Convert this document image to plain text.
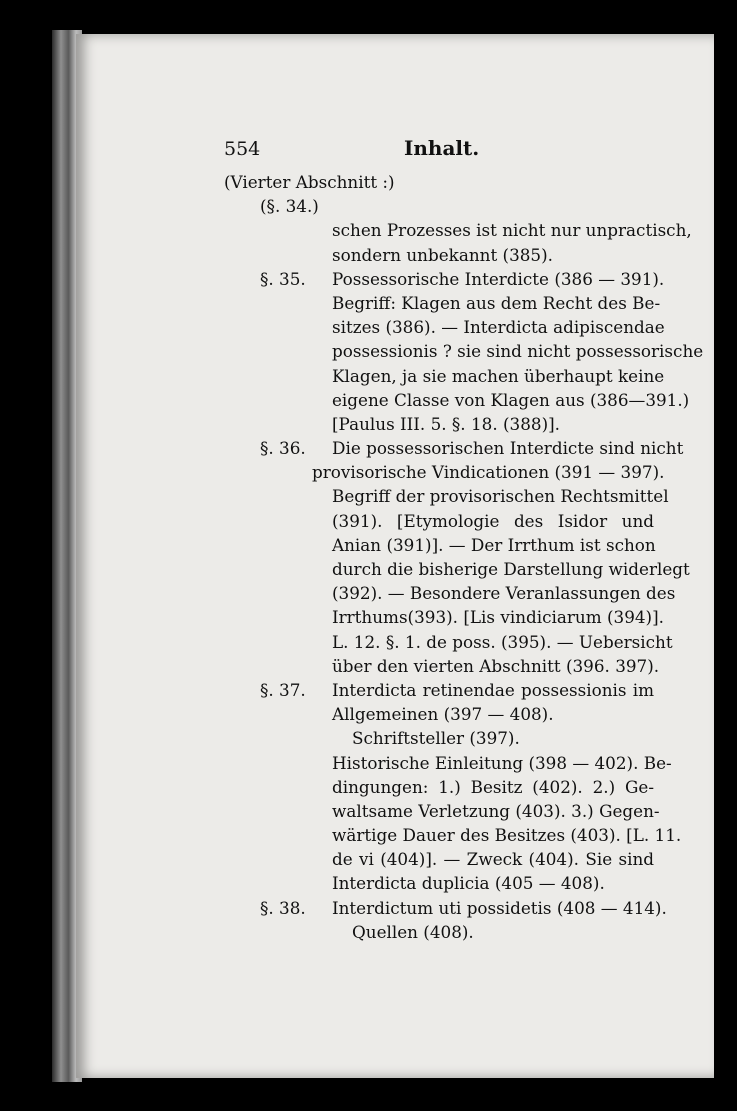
554	Inhalt.
(Vierter Abschnitt :)
(§. 34.)
schen Prozesses ist nicht nur unpractisch,
sondern unbekannt (385).
§. 35. Possessorische Interdicte (386 — 391).
Begriff: Klagen aus dem Recht des Be-
sitzes (386). — Interdicta adipiscendae
possessionis ? sie sind nicht possessorische
Klagen, ja sie machen überhaupt keine
eigene Classe von Klagen aus (386—391.)
[Paulus III. 5. §. 18. (388)].
§. 36. Die possessorischen Interdicte sind nicht
provisorische Vindicationen (391 — 397).
Begriff der provisorischen Rechtsmittel
(391). [Etymologie des Isidor und
Anian (391)]. — Der Irrthum ist schon
durch die bisherige Darstellung widerlegt
(392). — Besondere Veranlassungen des
Irrthums(393). [Lis vindiciarum (394)].
L. 12. §. 1. de poss. (395). — Uebersicht
über den vierten Abschnitt (396. 397).
§. 37. Interdicta retinendae possessionis im
Allgemeinen (397 — 408).
Schriftsteller (397).
Historische Einleitung (398 — 402). Be-
dingungen: 1.) Besitz (402). 2.) Ge-
waltsame Verletzung (403). 3.) Gegen-
wärtige Dauer des Besitzes (403). [L. 11.
de vi (404)]. — Zweck (404). Sie sind
Interdicta duplicia (405 — 408).
§. 38. Interdictum uti possidetis (408 — 414).
Quellen (408).
